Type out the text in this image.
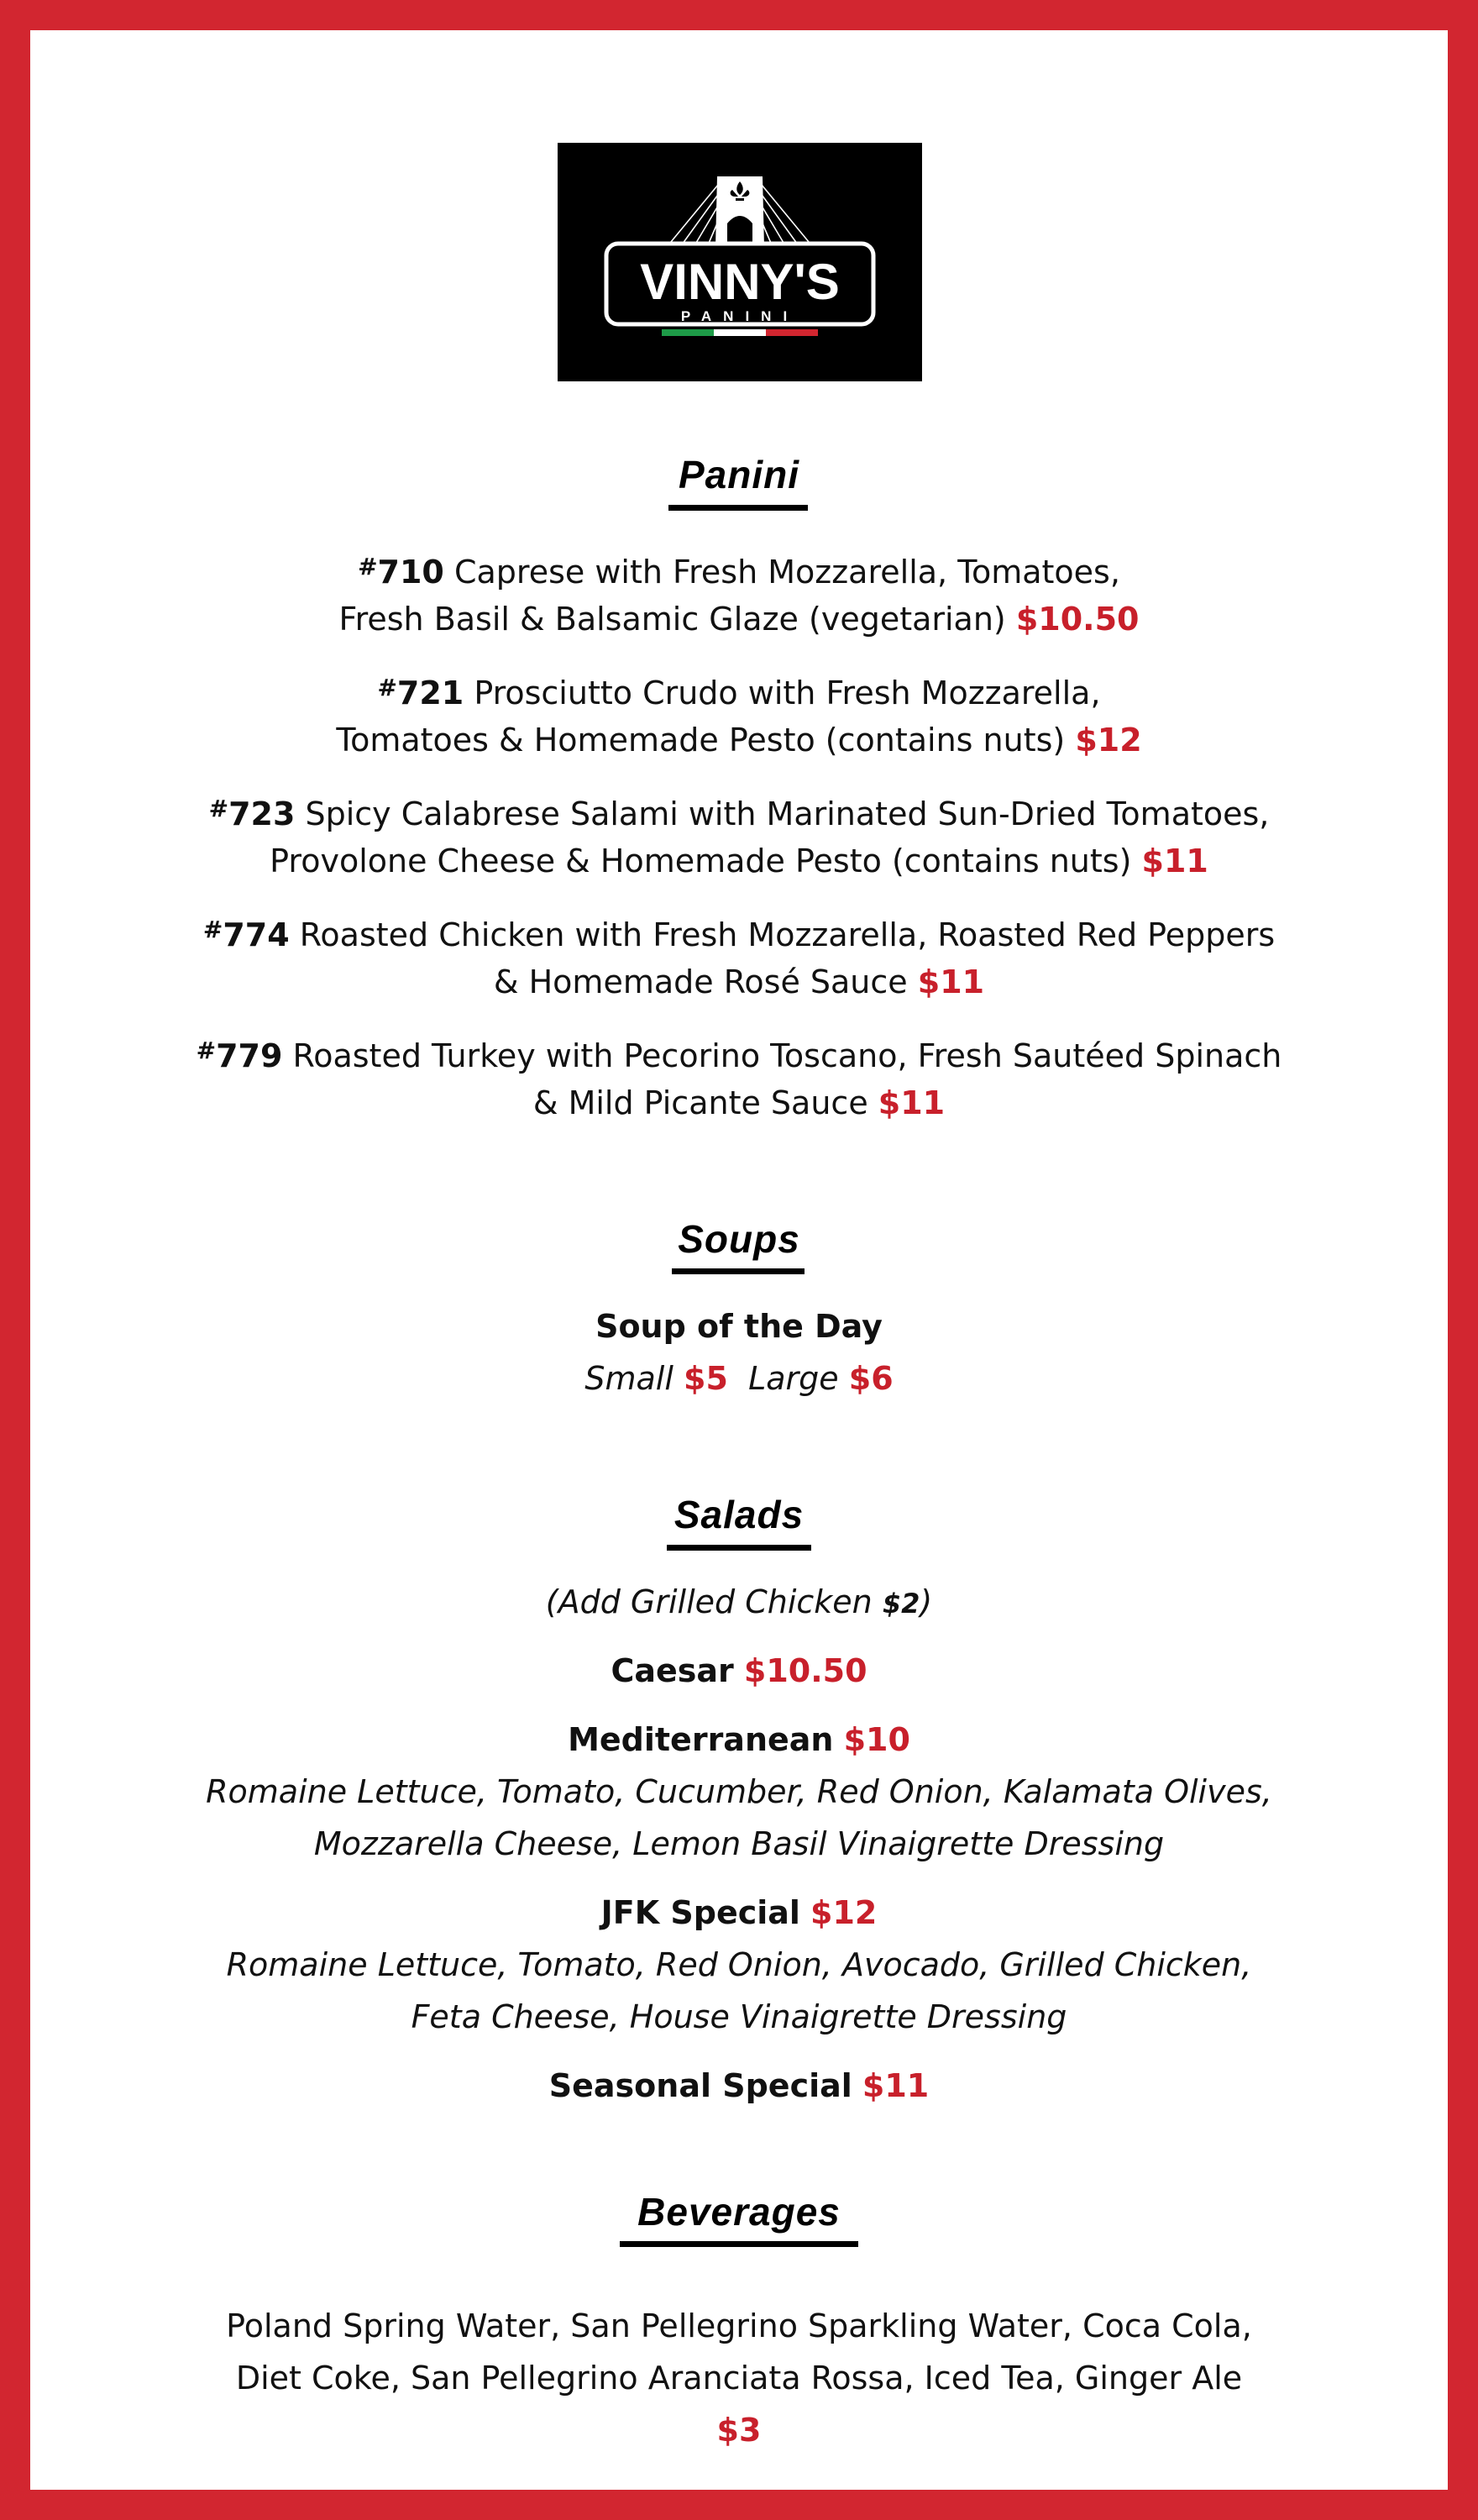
VINNY'S
PANINI
Panini
#710 Caprese with Fresh Mozzarella, Tomatoes,
Fresh Basil & Balsamic Glaze (vegetarian) $10.50
#721 Prosciutto Crudo with Fresh Mozzarella,
Tomatoes & Homemade Pesto (contains nuts) $12
#723 Spicy Calabrese Salami with Marinated Sun-Dried Tomatoes,
Provolone Cheese & Homemade Pesto (contains nuts) $11
#774 Roasted Chicken with Fresh Mozzarella, Roasted Red Peppers
& Homemade Rosé Sauce $11
#779 Roasted Turkey with Pecorino Toscano, Fresh Sautéed Spinach
& Mild Picante Sauce $11
Soups
Soup of the Day
Small $5 Large $6
Salads
(Add Grilled Chicken $2)
Caesar $10.50
Mediterranean $10
Romaine Lettuce, Tomato, Cucumber, Red Onion, Kalamata Olives,
Mozzarella Cheese, Lemon Basil Vinaigrette Dressing
JFK Special $12
Romaine Lettuce, Tomato, Red Onion, Avocado, Grilled Chicken,
Feta Cheese, House Vinaigrette Dressing
Seasonal Special $11
Beverages
Poland Spring Water, San Pellegrino Sparkling Water, Coca Cola,
Diet Coke, San Pellegrino Aranciata Rossa, Iced Tea, Ginger Ale
$3
